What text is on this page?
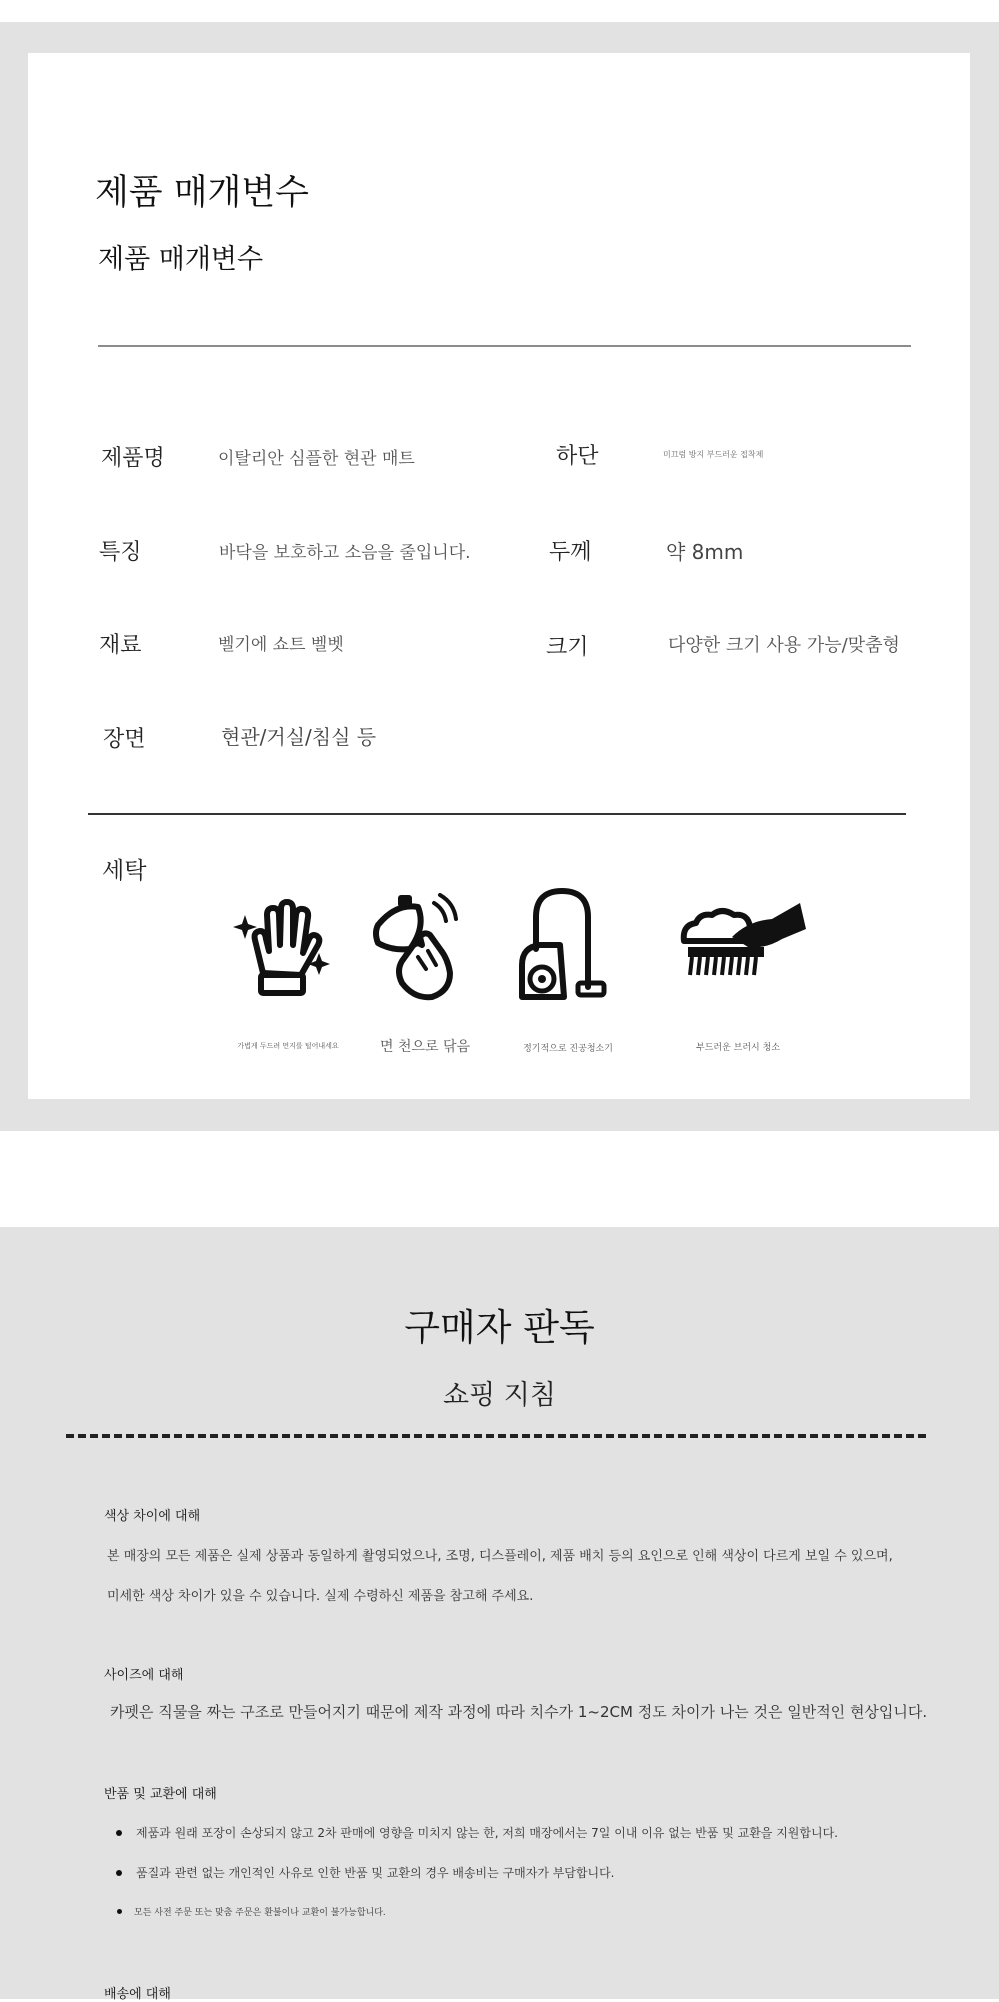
제품 매개변수
제품 매개변수
제품명	이탈리안 심플한 현관 매트	하단	미끄럼 방지 부드러운 접착제
특징	바닥을 보호하고 소음을 줄입니다.	두께	약 8mm
재료	벨기에 쇼트 벨벳	크기	다양한 크기 사용 가능/맞춤형
장면	현관/거실/침실 등
세탁
가볍게 두드려 먼지를 털어내세요	면 천으로 닦음	정기적으로 진공청소기	부드러운 브러시 청소
구매자 판독
쇼핑 지침
색상 차이에 대해
본 매장의 모든 제품은 실제 상품과 동일하게 촬영되었으나, 조명, 디스플레이, 제품 배치 등의 요인으로 인해 색상이 다르게 보일 수 있으며,
미세한 색상 차이가 있을 수 있습니다. 실제 수령하신 제품을 참고해 주세요.
사이즈에 대해
카펫은 직물을 짜는 구조로 만들어지기 때문에 제작 과정에 따라 치수가 1~2CM 정도 차이가 나는 것은 일반적인 현상입니다.
반품 및 교환에 대해
제품과 원래 포장이 손상되지 않고 2차 판매에 영향을 미치지 않는 한, 저희 매장에서는 7일 이내 이유 없는 반품 및 교환을 지원합니다.
품질과 관련 없는 개인적인 사유로 인한 반품 및 교환의 경우 배송비는 구매자가 부담합니다.
모든 사전 주문 또는 맞춤 주문은 환불이나 교환이 불가능합니다.
배송에 대해
